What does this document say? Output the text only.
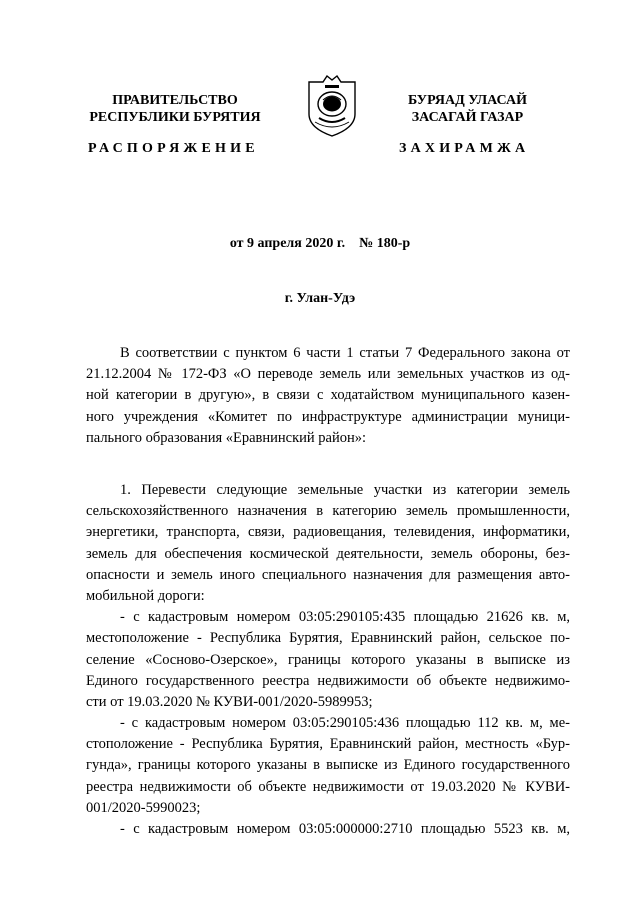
ПРАВИТЕЛЬСТВО
РЕСПУБЛИКИ БУРЯТИЯ
БУРЯАД УЛАСАЙ
ЗАСАГАЙ ГАЗАР
РАСПОРЯЖЕНИЕ	ЗАХИРАМЖА
от 9 апреля 2020 г. № 180-р
г. Улан-Удэ
В соответствии с пунктом 6 части 1 статьи 7 Федерального закона от
21.12.2004 № 172-ФЗ «О переводе земель или земельных участков из од-
ной категории в другую», в связи с ходатайством муниципального казен-
ного учреждения «Комитет по инфраструктуре администрации муници-
пального образования «Еравнинский район»:
1. Перевести следующие земельные участки из категории земель
сельскохозяйственного назначения в категорию земель промышленности,
энергетики, транспорта, связи, радиовещания, телевидения, информатики,
земель для обеспечения космической деятельности, земель обороны, без-
опасности и земель иного специального назначения для размещения авто-
мобильной дороги:
- с кадастровым номером 03:05:290105:435 площадью 21626 кв. м,
местоположение - Республика Бурятия, Еравнинский район, сельское по-
селение «Сосново-Озерское», границы которого указаны в выписке из
Единого государственного реестра недвижимости об объекте недвижимо-
сти от 19.03.2020 № КУВИ-001/2020-5989953;
- с кадастровым номером 03:05:290105:436 площадью 112 кв. м, ме-
стоположение - Республика Бурятия, Еравнинский район, местность «Бур-
гунда», границы которого указаны в выписке из Единого государственного
реестра недвижимости об объекте недвижимости от 19.03.2020 № КУВИ-
001/2020-5990023;
- с кадастровым номером 03:05:000000:2710 площадью 5523 кв. м,
